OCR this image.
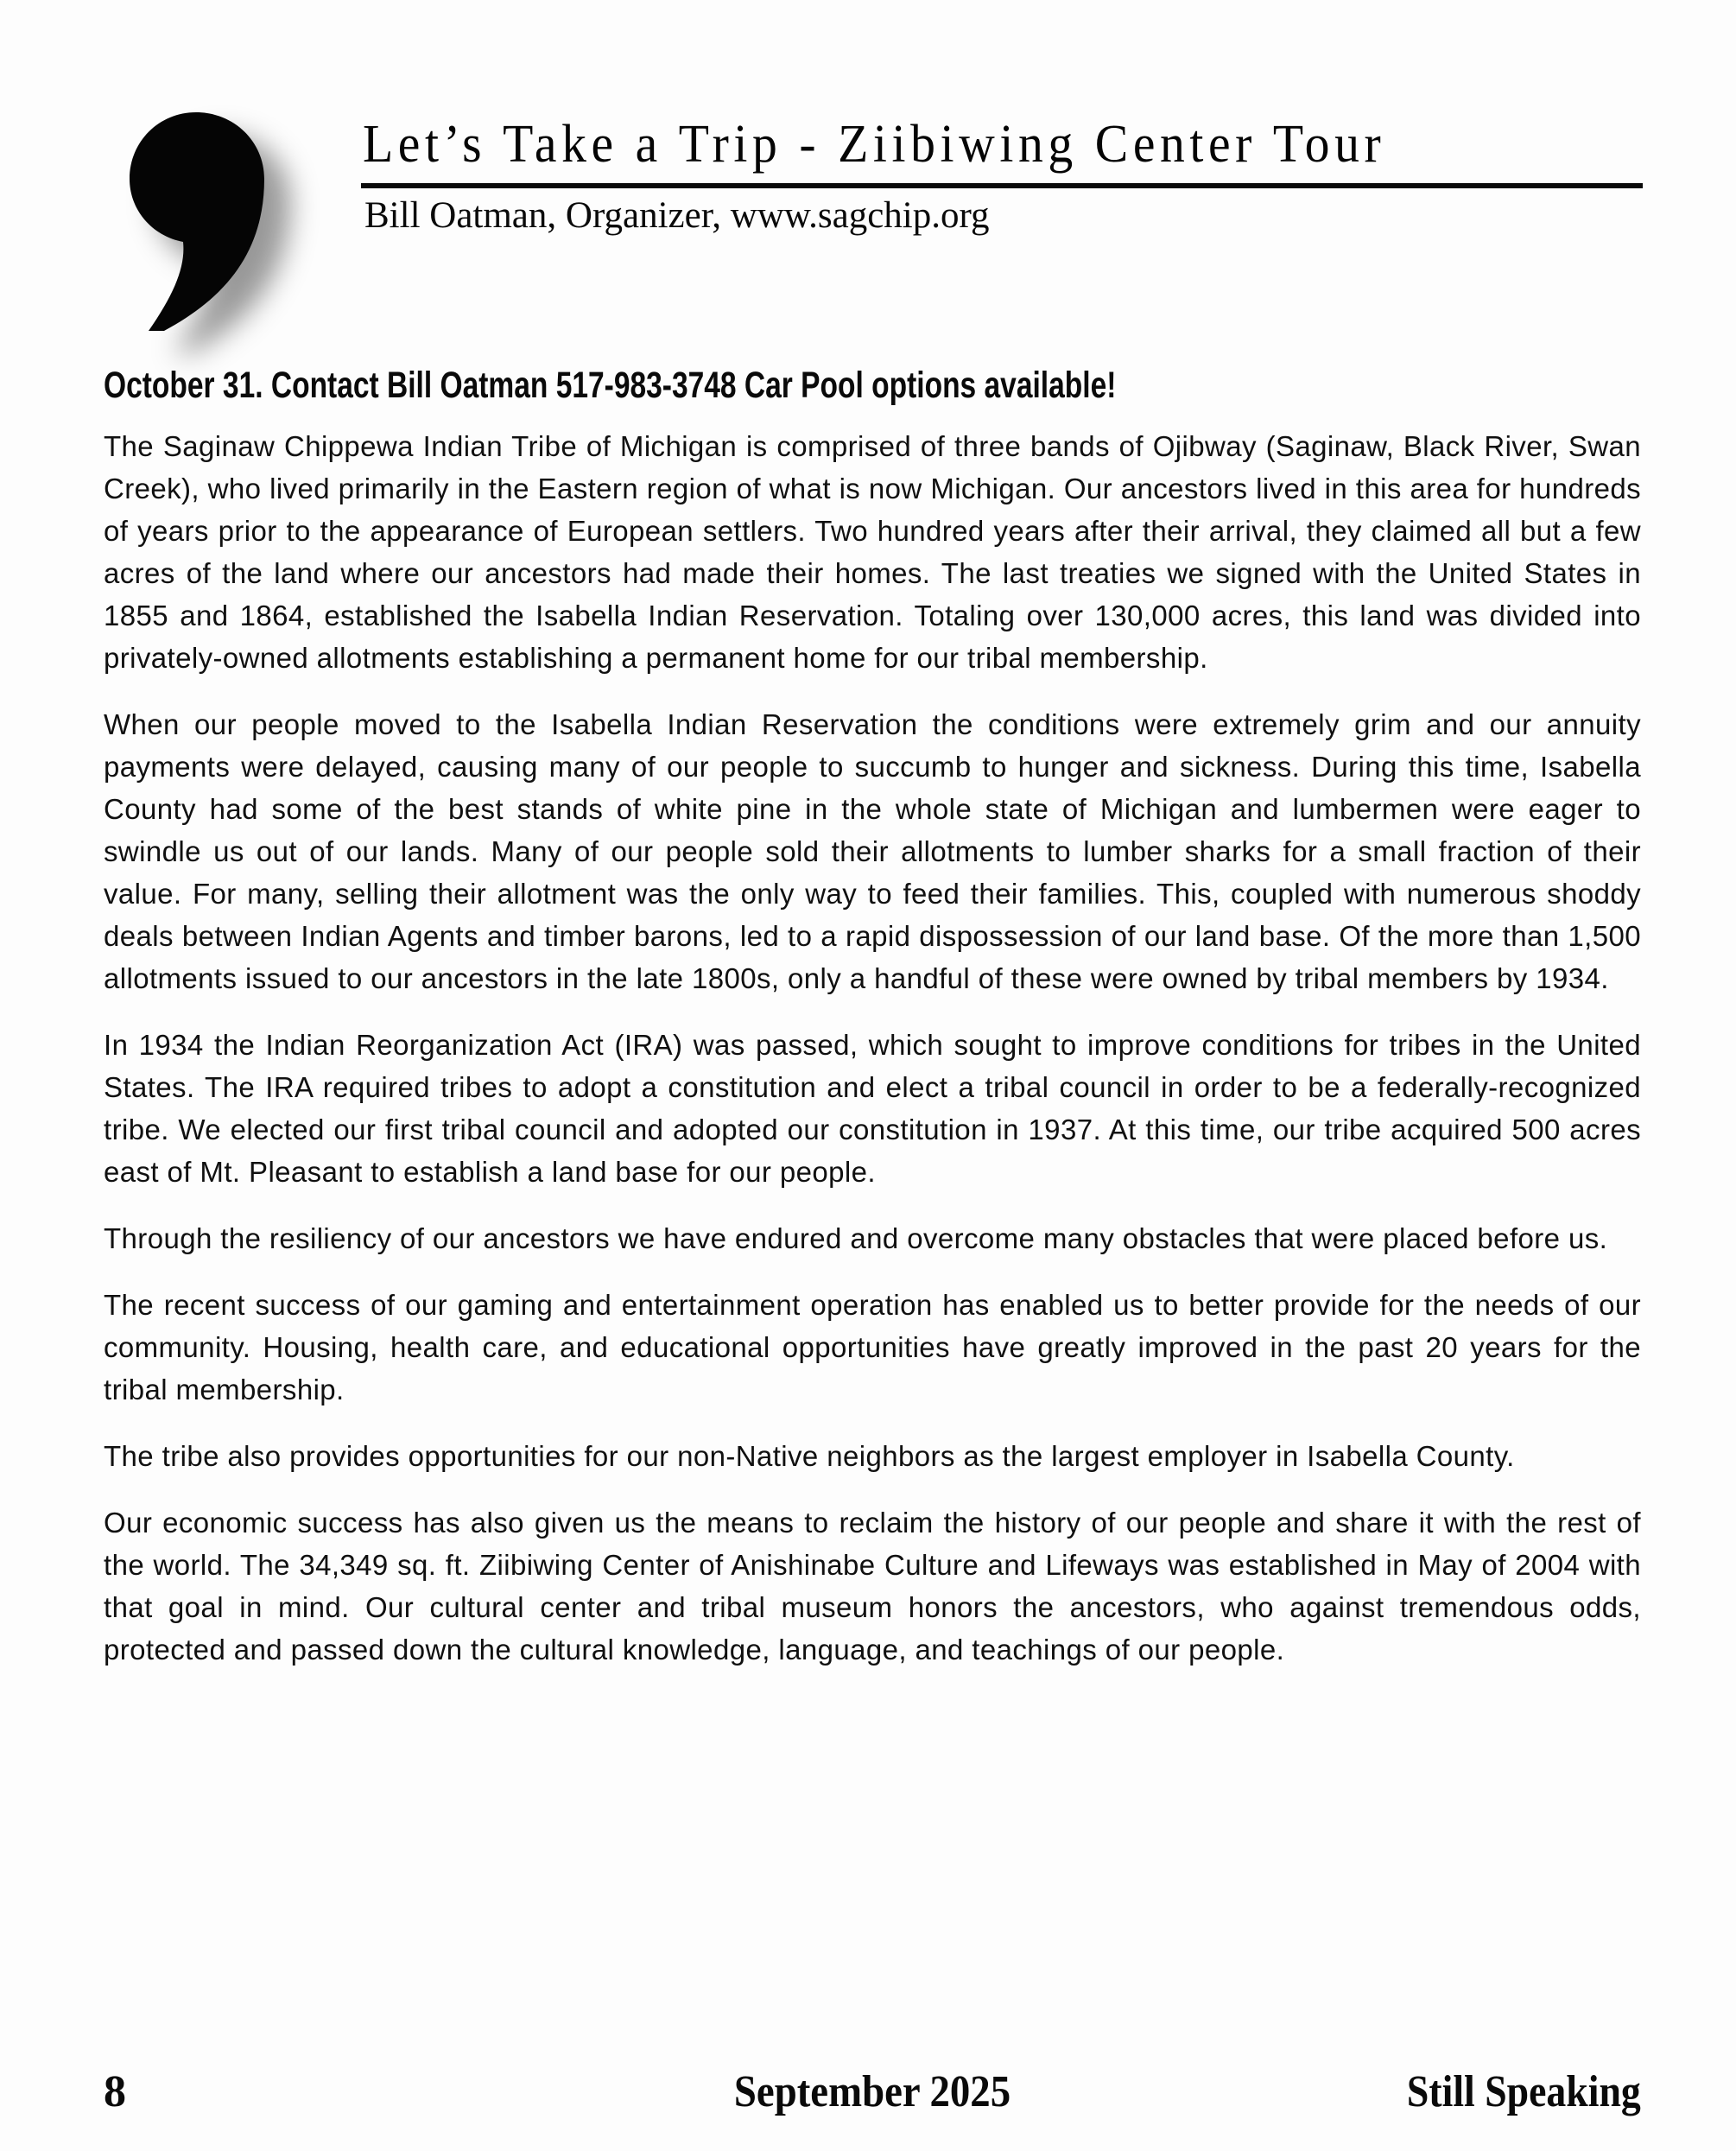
Let’s Take a Trip - Ziibiwing Center Tour
Bill Oatman, Organizer, www.sagchip.org
October 31. Contact Bill Oatman 517-983-3748 Car Pool options available!

The Saginaw Chippewa Indian Tribe of Michigan is comprised of three bands of Ojibway (Saginaw, Black River, Swan Creek), who lived primarily in the Eastern region of what is now Michigan. Our ancestors lived in this area for hundreds of years prior to the appearance of European settlers. Two hundred years after their arrival, they claimed all but a few acres of the land where our ancestors had made their homes. The last treaties we signed with the United States in 1855 and 1864, established the Isabella Indian Reservation. Totaling over 130,000 acres, this land was divided into privately-owned allotments establishing a permanent home for our tribal membership.

When our people moved to the Isabella Indian Reservation the conditions were extremely grim and our annuity payments were delayed, causing many of our people to succumb to hunger and sickness. During this time, Isabella County had some of the best stands of white pine in the whole state of Michigan and lumbermen were eager to swindle us out of our lands. Many of our people sold their allotments to lumber sharks for a small fraction of their value. For many, selling their allotment was the only way to feed their families. This, coupled with numerous shoddy deals between Indian Agents and timber barons, led to a rapid dispossession of our land base. Of the more than 1,500 allotments issued to our ancestors in the late 1800s, only a handful of these were owned by tribal members by 1934.

In 1934 the Indian Reorganization Act (IRA) was passed, which sought to improve conditions for tribes in the United States. The IRA required tribes to adopt a constitution and elect a tribal council in order to be a federally-recognized tribe. We elected our first tribal council and adopted our constitution in 1937. At this time, our tribe acquired 500 acres east of Mt. Pleasant to establish a land base for our people.

Through the resiliency of our ancestors we have endured and overcome many obstacles that were placed before us.

The recent success of our gaming and entertainment operation has enabled us to better provide for the needs of our community. Housing, health care, and educational opportunities have greatly improved in the past 20 years for the tribal membership.

The tribe also provides opportunities for our non-Native neighbors as the largest employer in Isabella County.

Our economic success has also given us the means to reclaim the history of our people and share it with the rest of the world. The 34,349 sq. ft. Ziibiwing Center of Anishinabe Culture and Lifeways was established in May of 2004 with that goal in mind. Our cultural center and tribal museum honors the ancestors, who against tremendous odds, protected and passed down the cultural knowledge, language, and teachings of our people.

8	September 2025	Still Speaking
